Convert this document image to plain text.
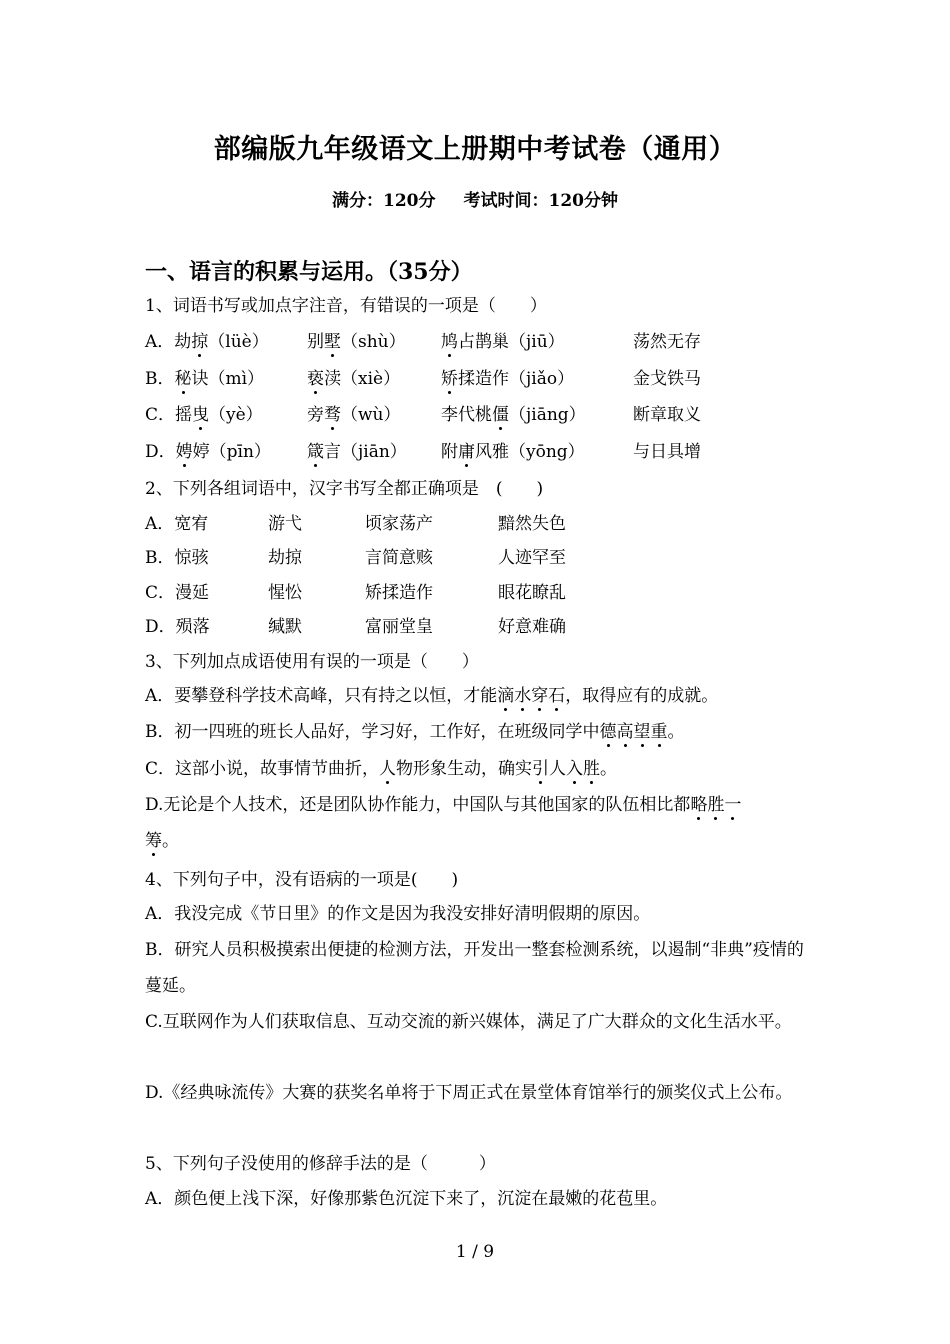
部编版九年级语文上册期中考试卷（通用）
满分：120分 考试时间：120分钟
一、语言的积累与运用。（35分）
1、词语书写或加点字注音，有错误的一项是（　　）
A．劫掠（lüè） 别墅（shù） 鸠占鹊巢（jiū）	荡然无存
B．秘诀（mì）	亵渎（xiè） 矫揉造作（jiǎo）	金戈铁马
C．摇曳（yè）	旁骛（wù） 李代桃僵（jiāng）	断章取义
D．娉婷（pīn） 箴言（jiān） 附庸风雅（yōng）	与日具增
2、下列各组词语中，汉字书写全都正确项是　(　　)
A．宽宥	游弋	顷家荡产	黯然失色
B．惊骇	劫掠	言简意赅	人迹罕至
C．漫延	惺忪	矫揉造作	眼花瞭乱
D．殒落	缄默	富丽堂皇	好意难确
3、下列加点成语使用有误的一项是（　　）
A．要攀登科学技术高峰，只有持之以恒，才能滴水穿石，取得应有的成就。
B．初一四班的班长人品好，学习好，工作好，在班级同学中德高望重。
C．这部小说，故事情节曲折，人物形象生动，确实引人入胜。
D.无论是个人技术，还是团队协作能力，中国队与其他国家的队伍相比都略胜一
筹。
4、下列句子中，没有语病的一项是(　　)
A．我没完成《节日里》的作文是因为我没安排好清明假期的原因。
B．研究人员积极摸索出便捷的检测方法，开发出一整套检测系统，以遏制“非典”疫情的蔓延。
C.互联网作为人们获取信息、互动交流的新兴媒体，满足了广大群众的文化生活水平。
D.《经典咏流传》大赛的获奖名单将于下周正式在景堂体育馆举行的颁奖仪式上公布。
5、下列句子没使用的修辞手法的是（　　　）
A．颜色便上浅下深，好像那紫色沉淀下来了，沉淀在最嫩的花苞里。
1 / 9
